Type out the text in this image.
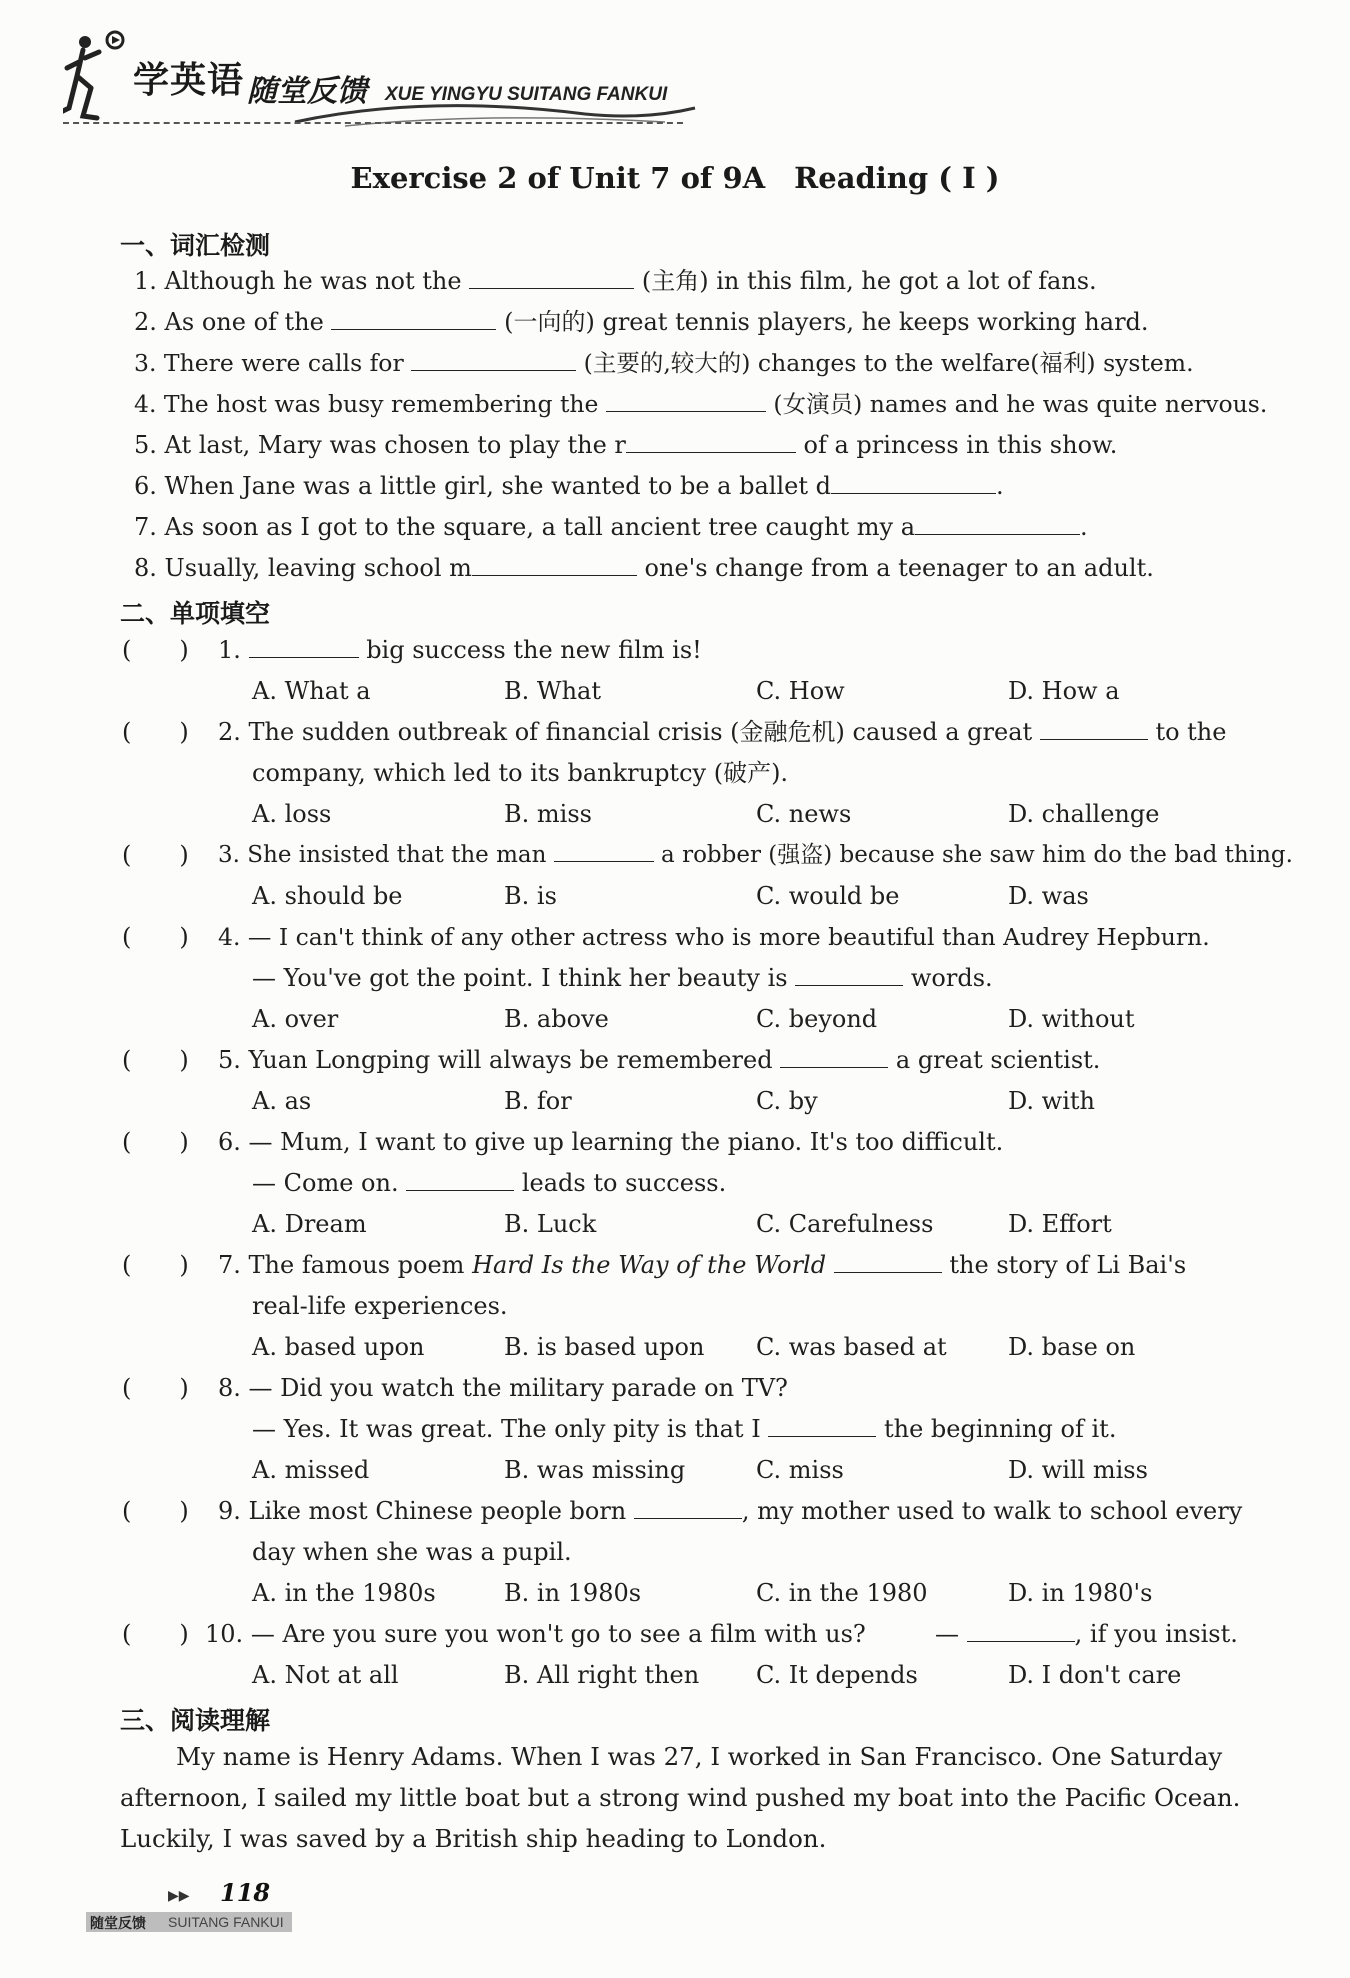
学英语 随堂反馈 XUE YINGYU SUITANG FANKUI
Exercise 2 of Unit 7 of 9A　Reading ( Ⅰ )
一、词汇检测
1. Although he was not the	(主角) in this film, he got a lot of fans.
2. As one of the	(一向的) great tennis players, he keeps working hard.
3. There were calls for	(主要的,较大的) changes to the welfare(福利) system.
4. The host was busy remembering the	(女演员) names and he was quite nervous.
5. At last, Mary was chosen to play the r	of a princess in this show.
6. When Jane was a little girl, she wanted to be a ballet d	.
7. As soon as I got to the square, a tall ancient tree caught my a	.
8. Usually, leaving school m	one's change from a teenager to an adult.
二、单项填空
(　　) 1.	big success the new film is!
A. What a	B. What	C. How	D. How a
(　　) 2. The sudden outbreak of financial crisis (金融危机) caused a great	to the
company, which led to its bankruptcy (破产).
A. loss	B. miss	C. news	D. challenge
(　　) 3. She insisted that the man	a robber (强盗) because she saw him do the bad thing.
A. should be	B. is	C. would be	D. was
(　　) 4. — I can't think of any other actress who is more beautiful than Audrey Hepburn.
— You've got the point. I think her beauty is	words.
A. over	B. above	C. beyond	D. without
(　　) 5. Yuan Longping will always be remembered	a great scientist.
A. as	B. for	C. by	D. with
(　　) 6. — Mum, I want to give up learning the piano. It's too difficult.
— Come on.	leads to success.
A. Dream	B. Luck	C. Carefulness	D. Effort
(　　) 7. The famous poem Hard Is the Way of the World	the story of Li Bai's
real-life experiences.
A. based upon	B. is based upon C. was based at	D. base on
(　　) 8. — Did you watch the military parade on TV?
— Yes. It was great. The only pity is that I	the beginning of it.
A. missed	B. was missing	C. miss	D. will miss
(　　) 9. Like most Chinese people born	, my mother used to walk to school every
day when she was a pupil.
A. in the 1980s	B. in 1980s	C. in the 1980	D. in 1980's
(　　) 10. — Are you sure you won't go to see a film with us?	—	, if you insist.
A. Not at all	B. All right then C. It depends	D. I don't care
三、阅读理解
My name is Henry Adams. When I was 27, I worked in San Francisco. One Saturday
afternoon, I sailed my little boat but a strong wind pushed my boat into the Pacific Ocean.
Luckily, I was saved by a British ship heading to London.
▶▶ 118
随堂反馈 SUITANG FANKUI
